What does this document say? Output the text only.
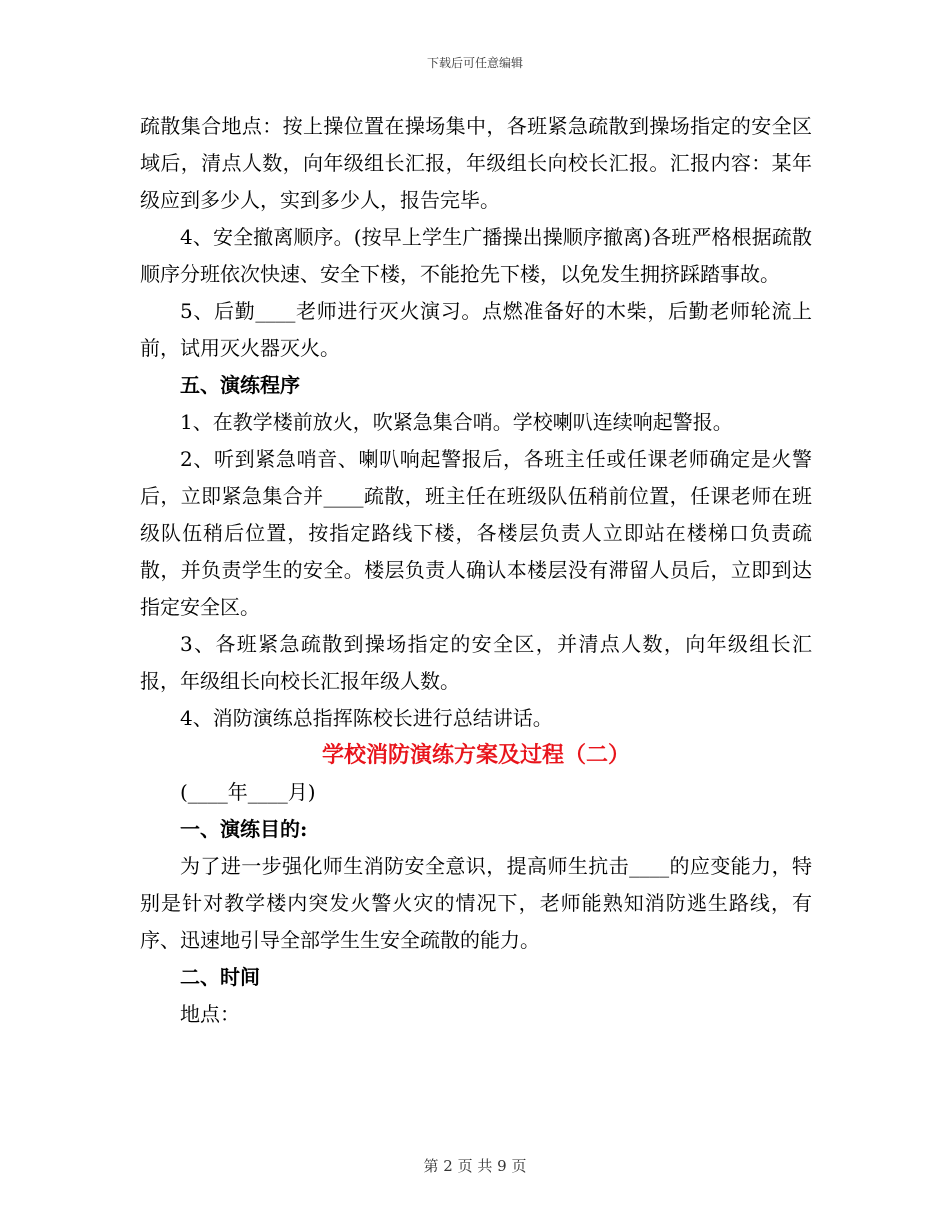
下载后可任意编辑

疏散集合地点：按上操位置在操场集中，各班紧急疏散到操场指定的安全区域后，清点人数，向年级组长汇报，年级组长向校长汇报。汇报内容：某年级应到多少人，实到多少人，报告完毕。

4、安全撤离顺序。(按早上学生广播操出操顺序撤离)各班严格根据疏散顺序分班依次快速、安全下楼，不能抢先下楼，以免发生拥挤踩踏事故。

5、后勤____老师进行灭火演习。点燃准备好的木柴，后勤老师轮流上前，试用灭火器灭火。

五、演练程序

1、在教学楼前放火，吹紧急集合哨。学校喇叭连续响起警报。

2、听到紧急哨音、喇叭响起警报后，各班主任或任课老师确定是火警后，立即紧急集合并____疏散，班主任在班级队伍稍前位置，任课老师在班级队伍稍后位置，按指定路线下楼，各楼层负责人立即站在楼梯口负责疏散，并负责学生的安全。楼层负责人确认本楼层没有滞留人员后，立即到达指定安全区。

3、各班紧急疏散到操场指定的安全区，并清点人数，向年级组长汇报，年级组长向校长汇报年级人数。

4、消防演练总指挥陈校长进行总结讲话。

学校消防演练方案及过程（二）

(____年____月)

一、演练目的:

为了进一步强化师生消防安全意识，提高师生抗击____的应变能力，特别是针对教学楼内突发火警火灾的情况下，老师能熟知消防逃生路线，有序、迅速地引导全部学生生安全疏散的能力。

二、时间

地点：

第 2 页 共 9 页
